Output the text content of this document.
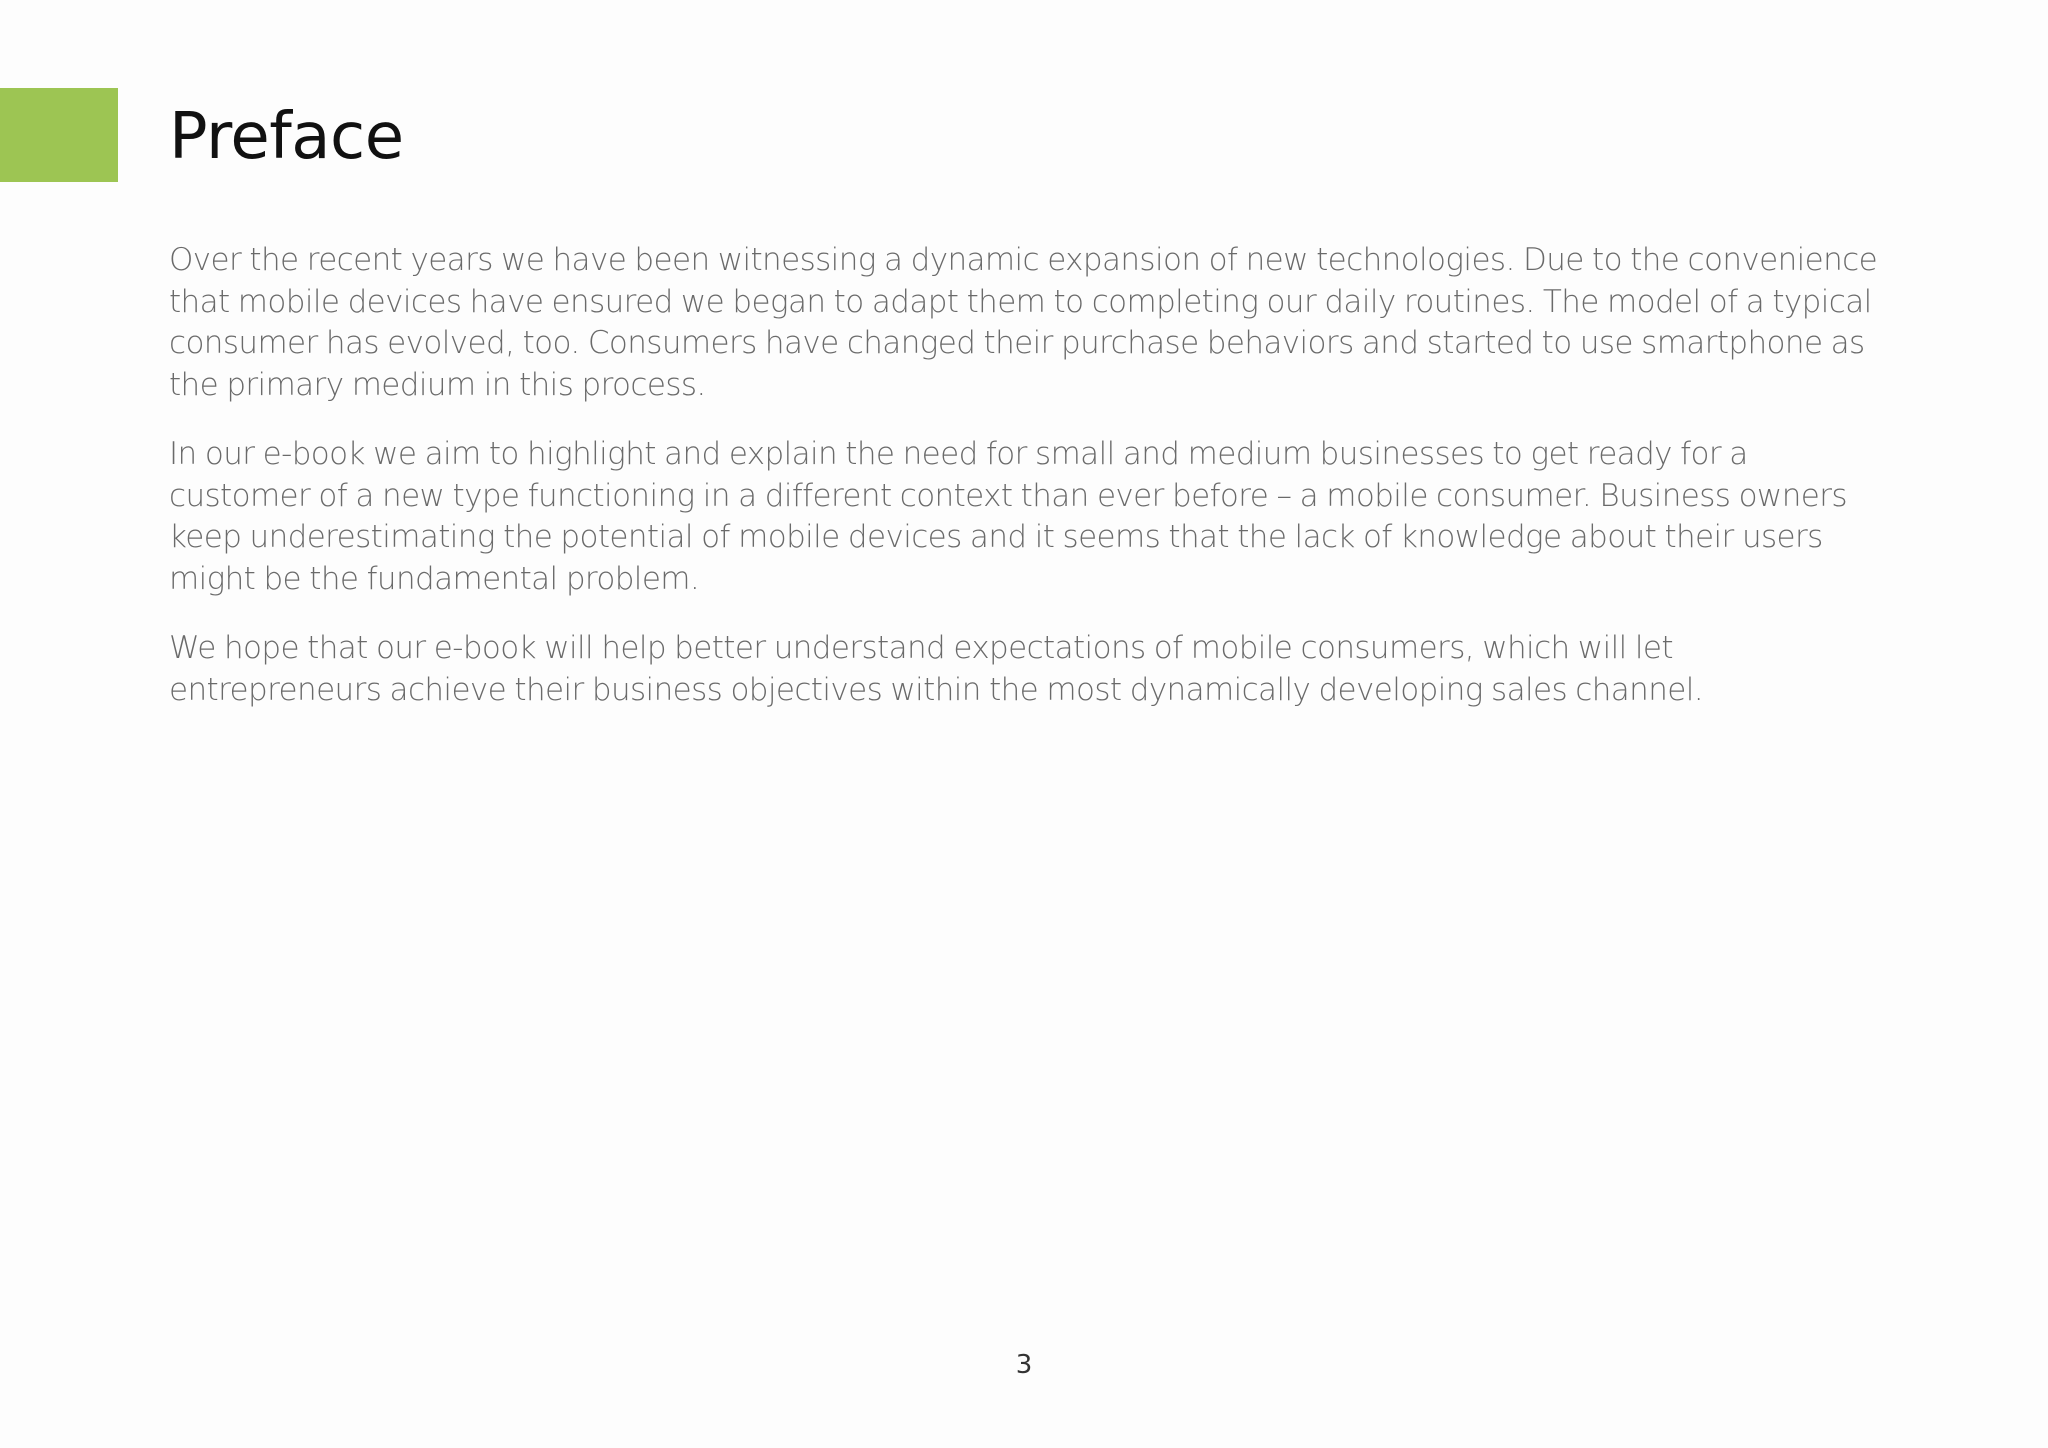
Preface

Over the recent years we have been witnessing a dynamic expansion of new technologies. Due to the convenience that mobile devices have ensured we began to adapt them to completing our daily routines. The model of a typical consumer has evolved, too. Consumers have changed their purchase behaviors and started to use smartphone as the primary medium in this process.

In our e-book we aim to highlight and explain the need for small and medium businesses to get ready for a customer of a new type functioning in a different context than ever before – a mobile consumer. Business owners keep underestimating the potential of mobile devices and it seems that the lack of knowledge about their users might be the fundamental problem.

We hope that our e-book will help better understand expectations of mobile consumers, which will let entrepreneurs achieve their business objectives within the most dynamically developing sales channel.

3
